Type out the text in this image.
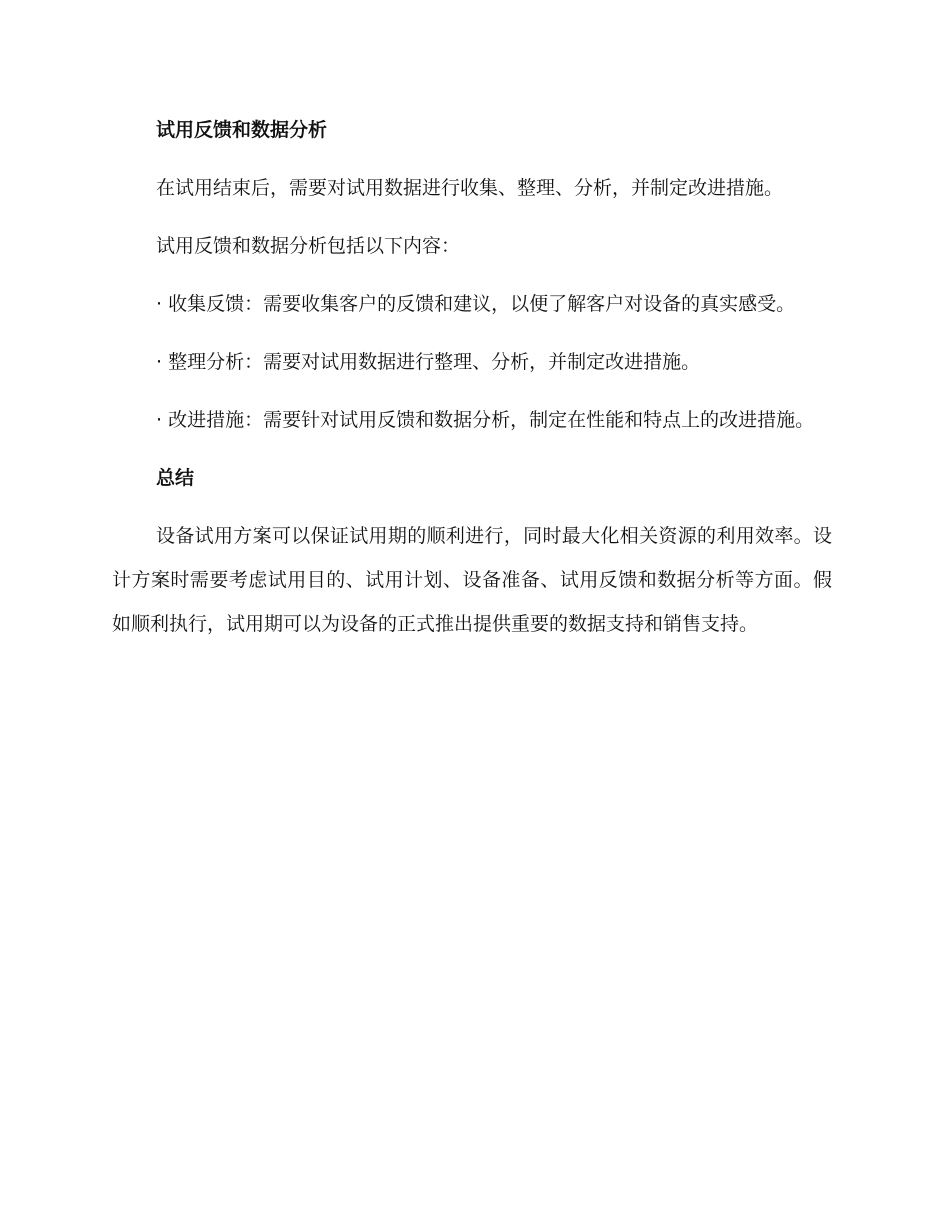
试用反馈和数据分析
在试用结束后，需要对试用数据进行收集、整理、分析，并制定改进措施。
试用反馈和数据分析包括以下内容：
· 收集反馈：需要收集客户的反馈和建议，以便了解客户对设备的真实感受。
· 整理分析：需要对试用数据进行整理、分析，并制定改进措施。
· 改进措施：需要针对试用反馈和数据分析，制定在性能和特点上的改进措施。
总结
设备试用方案可以保证试用期的顺利进行，同时最大化相关资源的利用效率。设计方案时需要考虑试用目的、试用计划、设备准备、试用反馈和数据分析等方面。假如顺利执行，试用期可以为设备的正式推出提供重要的数据支持和销售支持。
